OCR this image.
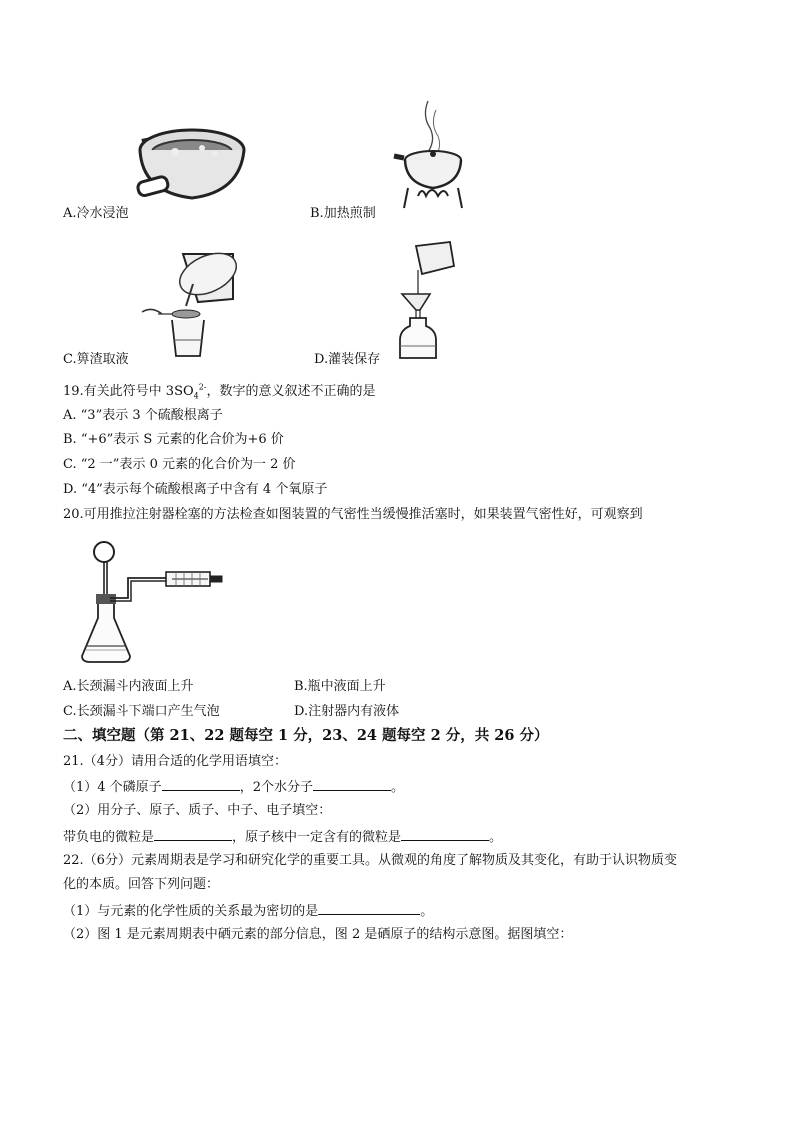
A.冷水浸泡	B.加热煎制
C.箅渣取液	D.灌装保存
19.有关此符号中 $3SO_4^{2-}$，数字的意义叙述不正确的是
A. “3”表示 3 个硫酸根离子
B. “+6”表示 S 元素的化合价为+6 价
C. “2 一”表示 0 元素的化合价为一 2 价
D. “4”表示每个硫酸根离子中含有 4 个氧原子
20.可用推拉注射器栓塞的方法检查如图装置的气密性当缓慢推活塞时，如果装置气密性好，可观察到
A.长颈漏斗内液面上升	B.瓶中液面上升
C.长颈漏斗下端口产生气泡	D.注射器内有液体
二、填空题（第 21、22 题每空 1 分，23、24 题每空 2 分，共 26 分）
21.（4分）请用合适的化学用语填空：
（1）4 个磷原子	，2个水分子	。
（2）用分子、原子、质子、中子、电子填空：
带负电的微粒是	，原子核中一定含有的微粒是	。
22.（6分）元素周期表是学习和研究化学的重要工具。从微观的角度了解物质及其变化，有助于认识物质变
化的本质。回答下列问题：
（1）与元素的化学性质的关系最为密切的是	。
（2）图 1 是元素周期表中硒元素的部分信息，图 2 是硒原子的结构示意图。据图填空：
